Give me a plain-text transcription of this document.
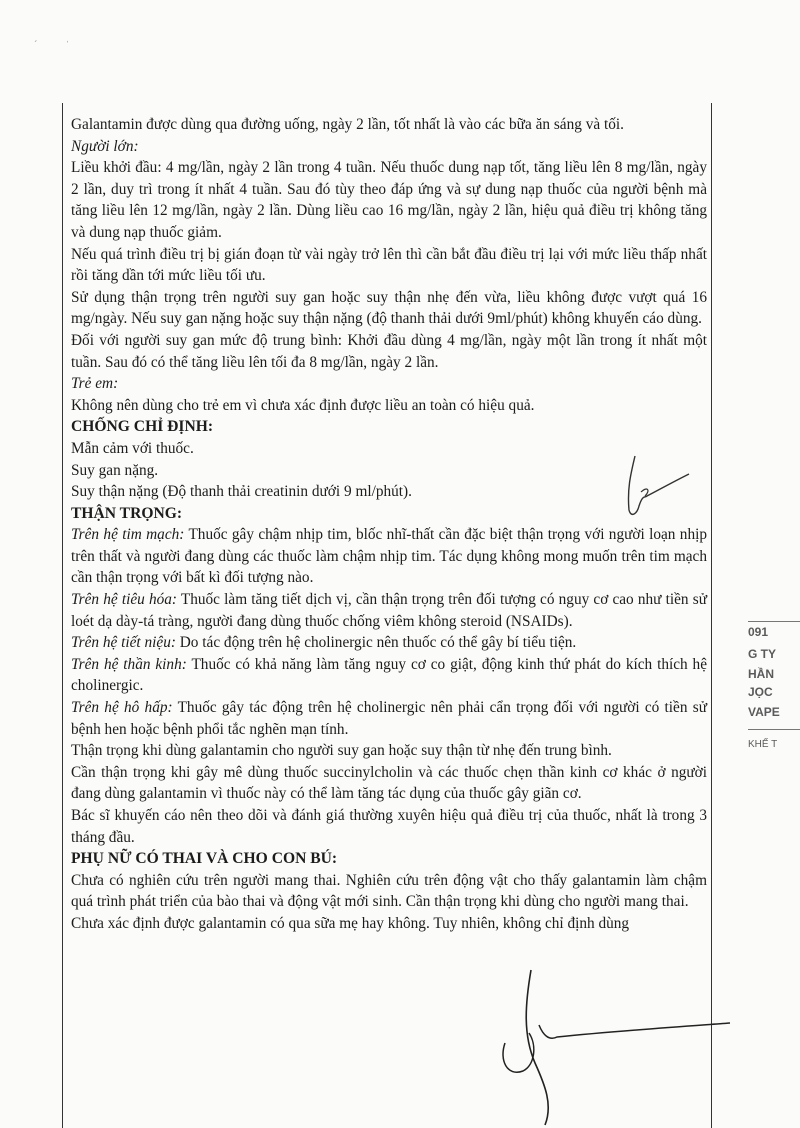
ˊ	ˈ

Galantamin được dùng qua đường uống, ngày 2 lần, tốt nhất là vào các bữa ăn sáng và tối.

Người lớn:

Liều khởi đầu: 4 mg/lần, ngày 2 lần trong 4 tuần. Nếu thuốc dung nạp tốt, tăng liều lên 8 mg/lần, ngày 2 lần, duy trì trong ít nhất 4 tuần. Sau đó tùy theo đáp ứng và sự dung nạp thuốc của người bệnh mà tăng liều lên 12 mg/lần, ngày 2 lần. Dùng liều cao 16 mg/lần, ngày 2 lần, hiệu quả điều trị không tăng và dung nạp thuốc giảm.

Nếu quá trình điều trị bị gián đoạn từ vài ngày trở lên thì cần bắt đầu điều trị lại với mức liều thấp nhất rồi tăng dần tới mức liều tối ưu.

Sử dụng thận trọng trên người suy gan hoặc suy thận nhẹ đến vừa, liều không được vượt quá 16 mg/ngày. Nếu suy gan nặng hoặc suy thận nặng (độ thanh thải dưới 9ml/phút) không khuyến cáo dùng.

Đối với người suy gan mức độ trung bình: Khởi đầu dùng 4 mg/lần, ngày một lần trong ít nhất một tuần. Sau đó có thể tăng liều lên tối đa 8 mg/lần, ngày 2 lần.

Trẻ em:

Không nên dùng cho trẻ em vì chưa xác định được liều an toàn có hiệu quả.

CHỐNG CHỈ ĐỊNH:

Mẫn cảm với thuốc.

Suy gan nặng.

Suy thận nặng (Độ thanh thải creatinin dưới 9 ml/phút).

THẬN TRỌNG:

Trên hệ tim mạch: Thuốc gây chậm nhịp tim, blốc nhĩ-thất cần đặc biệt thận trọng với người loạn nhịp trên thất và người đang dùng các thuốc làm chậm nhịp tim. Tác dụng không mong muốn trên tim mạch cần thận trọng với bất kì đối tượng nào.

Trên hệ tiêu hóa: Thuốc làm tăng tiết dịch vị, cần thận trọng trên đối tượng có nguy cơ cao như tiền sử loét dạ dày-tá tràng, người đang dùng thuốc chống viêm không steroid (NSAIDs).

Trên hệ tiết niệu: Do tác động trên hệ cholinergic nên thuốc có thể gây bí tiểu tiện.

Trên hệ thần kinh: Thuốc có khả năng làm tăng nguy cơ co giật, động kinh thứ phát do kích thích hệ cholinergic.

Trên hệ hô hấp: Thuốc gây tác động trên hệ cholinergic nên phải cẩn trọng đối với người có tiền sử bệnh hen hoặc bệnh phổi tắc nghẽn mạn tính.

Thận trọng khi dùng galantamin cho người suy gan hoặc suy thận từ nhẹ đến trung bình.

Cần thận trọng khi gây mê dùng thuốc succinylcholin và các thuốc chẹn thần kinh cơ khác ở người đang dùng galantamin vì thuốc này có thể làm tăng tác dụng của thuốc gây giãn cơ.

Bác sĩ khuyến cáo nên theo dõi và đánh giá thường xuyên hiệu quả điều trị của thuốc, nhất là trong 3 tháng đầu.

PHỤ NỮ CÓ THAI VÀ CHO CON BÚ:

Chưa có nghiên cứu trên người mang thai. Nghiên cứu trên động vật cho thấy galantamin làm chậm quá trình phát triển của bào thai và động vật mới sinh. Cần thận trọng khi dùng cho người mang thai.

Chưa xác định được galantamin có qua sữa mẹ hay không. Tuy nhiên, không chỉ định dùng

091
G TY
HẦN
JỌC
VAPE
KHẾ T
